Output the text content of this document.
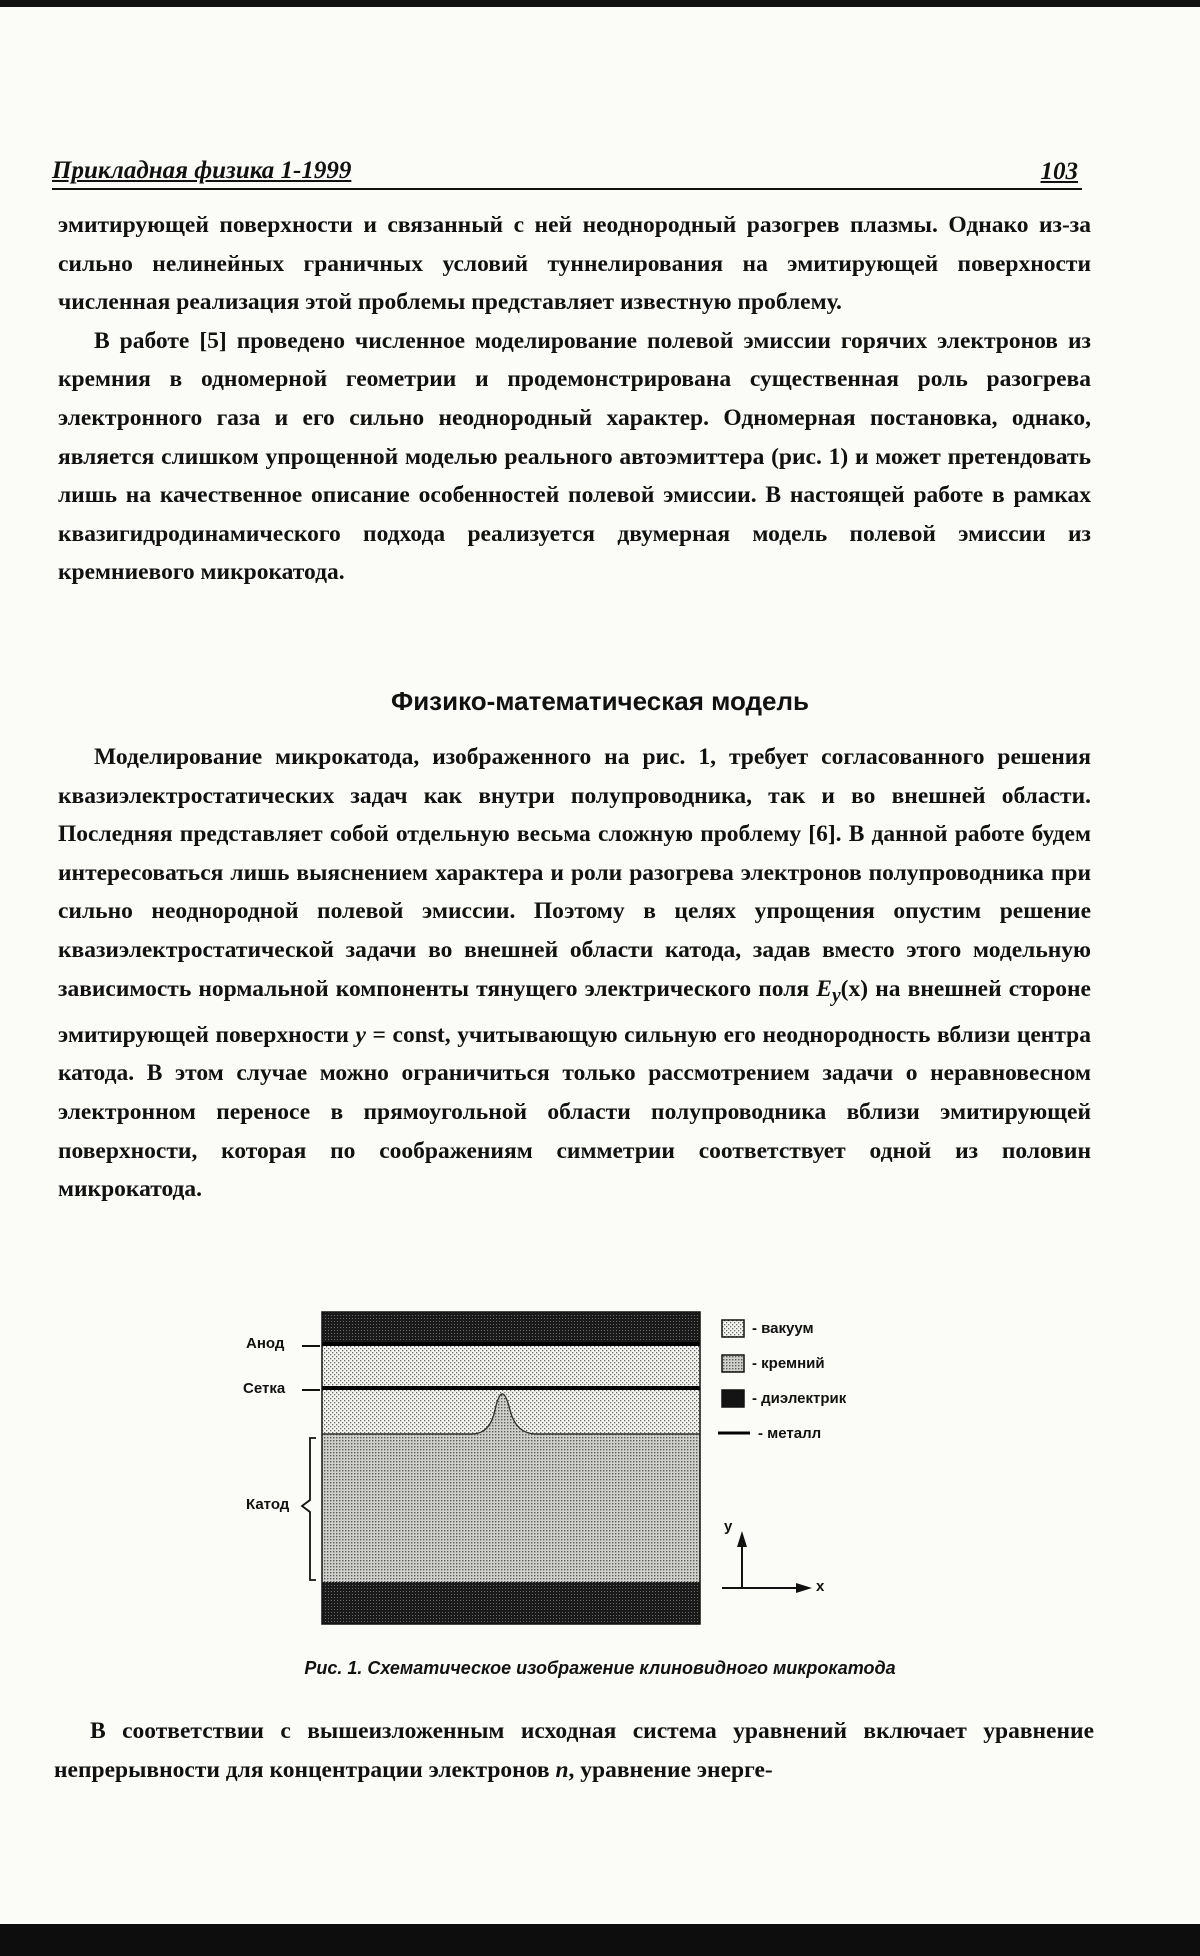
Прикладная физика 1-1999	103

эмитирующей поверхности и связанный с ней неоднородный разогрев плазмы. Однако из-за сильно нелинейных граничных условий туннелирования на эмитирующей поверхности численная реализация этой проблемы представляет известную проблему.

В работе [5] проведено численное моделирование полевой эмиссии горячих электронов из кремния в одномерной геометрии и продемонстрирована существенная роль разогрева электронного газа и его сильно неоднородный характер. Одномерная постановка, однако, является слишком упрощенной моделью реального автоэмиттера (рис. 1) и может претендовать лишь на качественное описание особенностей полевой эмиссии. В настоящей работе в рамках квазигидродинамического подхода реализуется двумерная модель полевой эмиссии из кремниевого микрокатода.

Физико-математическая модель

Моделирование микрокатода, изображенного на рис. 1, требует согласованного решения квазиэлектростатических задач как внутри полупроводника, так и во внешней области. Последняя представляет собой отдельную весьма сложную проблему [6]. В данной работе будем интересоваться лишь выяснением характера и роли разогрева электронов полупроводника при сильно неоднородной полевой эмиссии. Поэтому в целях упрощения опустим решение квазиэлектростатической задачи во внешней области катода, задав вместо этого модельную зависимость нормальной компоненты тянущего электрического поля $E_y(x)$ на внешней стороне эмитирующей поверхности y = const, учитывающую сильную его неоднородность вблизи центра катода. В этом случае можно ограничиться только рассмотрением задачи о неравновесном электронном переносе в прямоугольной области полупроводника вблизи эмитирующей поверхности, которая по соображениям симметрии соответствует одной из половин микрокатода.

Анод
Сетка
Катод
- вакуум
- кремний
- диэлектрик
- металл
y
x
Рис. 1. Схематическое изображение клиновидного микрокатода

В соответствии с вышеизложенным исходная система уравнений включает уравнение непрерывности для концентрации электронов n, уравнение энерге-
